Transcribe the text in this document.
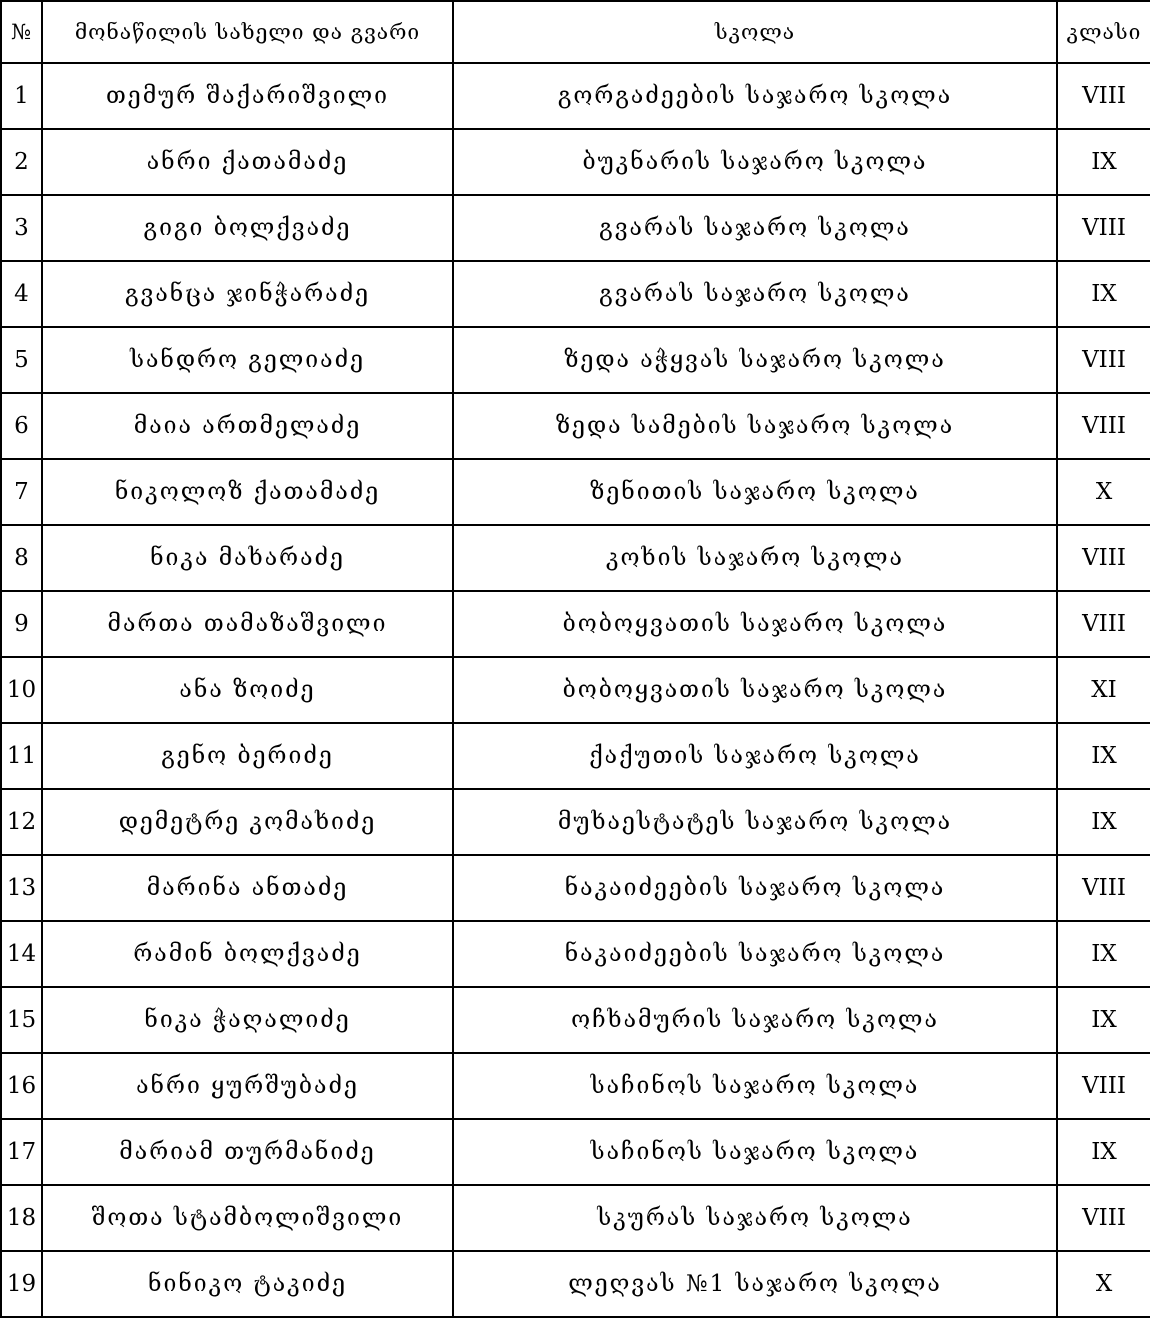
№	მონაწილის სახელი და გვარი	სკოლა	კლასი
1	თემურ შაქარიშვილი	გორგაძეების საჯარო სკოლა	VIII
2	ანრი ქათამაძე	ბუკნარის საჯარო სკოლა	IX
3	გიგი ბოლქვაძე	გვარას საჯარო სკოლა	VIII
4	გვანცა ჯინჭარაძე	გვარას საჯარო სკოლა	IX
5	სანდრო გელიაძე	ზედა აჭყვას საჯარო სკოლა	VIII
6	მაია ართმელაძე	ზედა სამების საჯარო სკოლა	VIII
7	ნიკოლოზ ქათამაძე	ზენითის საჯარო სკოლა	X
8	ნიკა მახარაძე	კოხის საჯარო სკოლა	VIII
9	მართა თამაზაშვილი	ბობოყვათის საჯარო სკოლა	VIII
10	ანა ზოიძე	ბობოყვათის საჯარო სკოლა	XI
11	გენო ბერიძე	ქაქუთის საჯარო სკოლა	IX
12	დემეტრე კომახიძე	მუხაესტატეს საჯარო სკოლა	IX
13	მარინა ანთაძე	ნაკაიძეების საჯარო სკოლა	VIII
14	რამინ ბოლქვაძე	ნაკაიძეების საჯარო სკოლა	IX
15	ნიკა ჭაღალიძე	ოჩხამურის საჯარო სკოლა	IX
16	ანრი ყურშუბაძე	საჩინოს საჯარო სკოლა	VIII
17	მარიამ თურმანიძე	საჩინოს საჯარო სკოლა	IX
18	შოთა სტამბოლიშვილი	სკურას საჯარო სკოლა	VIII
19	ნინიკო ტაკიძე	ლეღვას №1 საჯარო სკოლა	X
